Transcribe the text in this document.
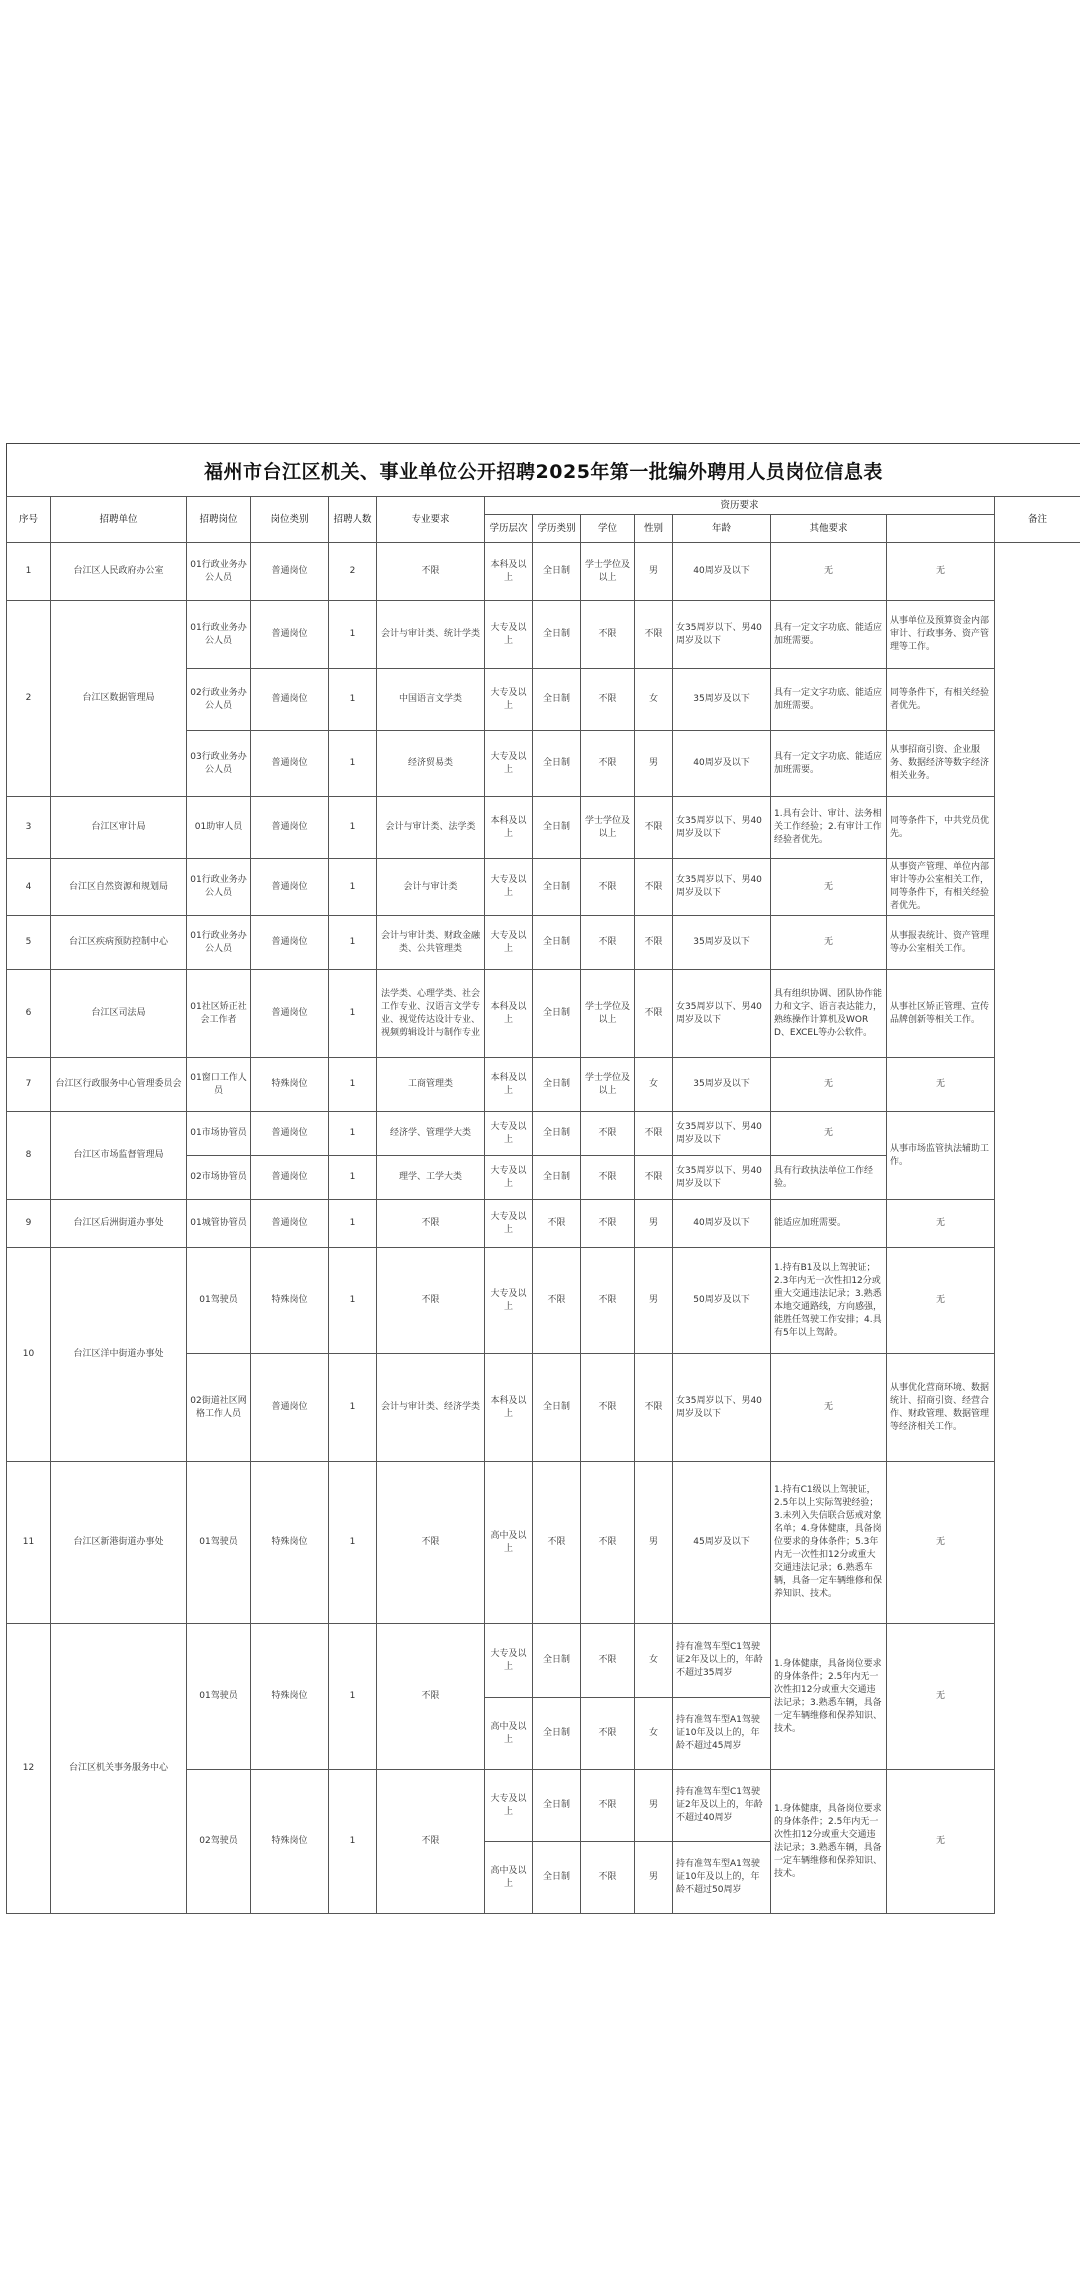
福州市台江区机关、事业单位公开招聘2025年第一批编外聘用人员岗位信息表
序号	招聘单位	招聘岗位	岗位类别	招聘人数	专业要求	资历要求							备注
						学历层次	学历类别	学位	性别	年龄	其他要求		
1	台江区人民政府办公室	01行政业务办公人员	普通岗位	2	不限	本科及以上	全日制	学士学位及以上	男	40周岁及以下	无	无	
2	台江区数据管理局	01行政业务办公人员	普通岗位	1	会计与审计类、统计学类	大专及以上	全日制	不限	不限	女35周岁以下、男40周岁及以下	具有一定文字功底、能适应加班需要。	从事单位及预算资金内部审计、行政事务、资产管理等工作。	
		02行政业务办公人员	普通岗位	1	中国语言文学类	大专及以上	全日制	不限	女	35周岁及以下	具有一定文字功底、能适应加班需要。	同等条件下，有相关经验者优先。	
		03行政业务办公人员	普通岗位	1	经济贸易类	大专及以上	全日制	不限	男	40周岁及以下	具有一定文字功底、能适应加班需要。	从事招商引资、企业服务、数据经济等数字经济相关业务。	
3	台江区审计局	01助审人员	普通岗位	1	会计与审计类、法学类	本科及以上	全日制	学士学位及以上	不限	女35周岁以下、男40周岁及以下	1.具有会计、审计、法务相关工作经验；2.有审计工作经验者优先。	同等条件下，中共党员优先。	
4	台江区自然资源和规划局	01行政业务办公人员	普通岗位	1	会计与审计类	大专及以上	全日制	不限	不限	女35周岁以下、男40周岁及以下	无	从事资产管理、单位内部审计等办公室相关工作，同等条件下，有相关经验者优先。	
5	台江区疾病预防控制中心	01行政业务办公人员	普通岗位	1	会计与审计类、财政金融类、公共管理类	大专及以上	全日制	不限	不限	35周岁及以下	无	从事报表统计、资产管理等办公室相关工作。	
6	台江区司法局	01社区矫正社会工作者	普通岗位	1	法学类、心理学类、社会工作专业、汉语言文学专业、视觉传达设计专业、视频剪辑设计与制作专业	本科及以上	全日制	学士学位及以上	不限	女35周岁以下、男40周岁及以下	具有组织协调、团队协作能力和文字、语言表达能力，熟练操作计算机及WORD、EXCEL等办公软件。	从事社区矫正管理、宣传品牌创新等相关工作。	
7	台江区行政服务中心管理委员会	01窗口工作人员	特殊岗位	1	工商管理类	本科及以上	全日制	学士学位及以上	女	35周岁及以下	无	无	
8	台江区市场监督管理局	01市场协管员	普通岗位	1	经济学、管理学大类	大专及以上	全日制	不限	不限	女35周岁以下、男40周岁及以下	无	从事市场监管执法辅助工作。	
		02市场协管员	普通岗位	1	理学、工学大类	大专及以上	全日制	不限	不限	女35周岁以下、男40周岁及以下	具有行政执法单位工作经验。		
9	台江区后洲街道办事处	01城管协管员	普通岗位	1	不限	大专及以上	不限	不限	男	40周岁及以下	能适应加班需要。	无	
10	台江区洋中街道办事处	01驾驶员	特殊岗位	1	不限	大专及以上	不限	不限	男	50周岁及以下	1.持有B1及以上驾驶证；2.3年内无一次性扣12分或重大交通违法记录；3.熟悉本地交通路线，方向感强，能胜任驾驶工作安排；4.具有5年以上驾龄。	无	
		02街道社区网格工作人员	普通岗位	1	会计与审计类、经济学类	本科及以上	全日制	不限	不限	女35周岁以下、男40周岁及以下	无	从事优化营商环境、数据统计、招商引资、经营合作、财政管理、数据管理等经济相关工作。	
11	台江区新港街道办事处	01驾驶员	特殊岗位	1	不限	高中及以上	不限	不限	男	45周岁及以下	1.持有C1级以上驾驶证，2.5年以上实际驾驶经验；3.未列入失信联合惩戒对象名单；4.身体健康，具备岗位要求的身体条件；5.3年内无一次性扣12分或重大交通违法记录；6.熟悉车辆，具备一定车辆维修和保养知识、技术。	无	
12	台江区机关事务服务中心	01驾驶员	特殊岗位	1	不限	大专及以上	全日制	不限	女	持有准驾车型C1驾驶证2年及以上的，年龄不超过35周岁	1.身体健康，具备岗位要求的身体条件；2.5年内无一次性扣12分或重大交通违法记录；3.熟悉车辆，具备一定车辆维修和保养知识、技术。	无	
						高中及以上	全日制	不限	女	持有准驾车型A1驾驶证10年及以上的，年龄不超过45周岁			
		02驾驶员	特殊岗位	1	不限	大专及以上	全日制	不限	男	持有准驾车型C1驾驶证2年及以上的，年龄不超过40周岁	1.身体健康，具备岗位要求的身体条件；2.5年内无一次性扣12分或重大交通违法记录；3.熟悉车辆，具备一定车辆维修和保养知识、技术。	无	
						高中及以上	全日制	不限	男	持有准驾车型A1驾驶证10年及以上的，年龄不超过50周岁			
